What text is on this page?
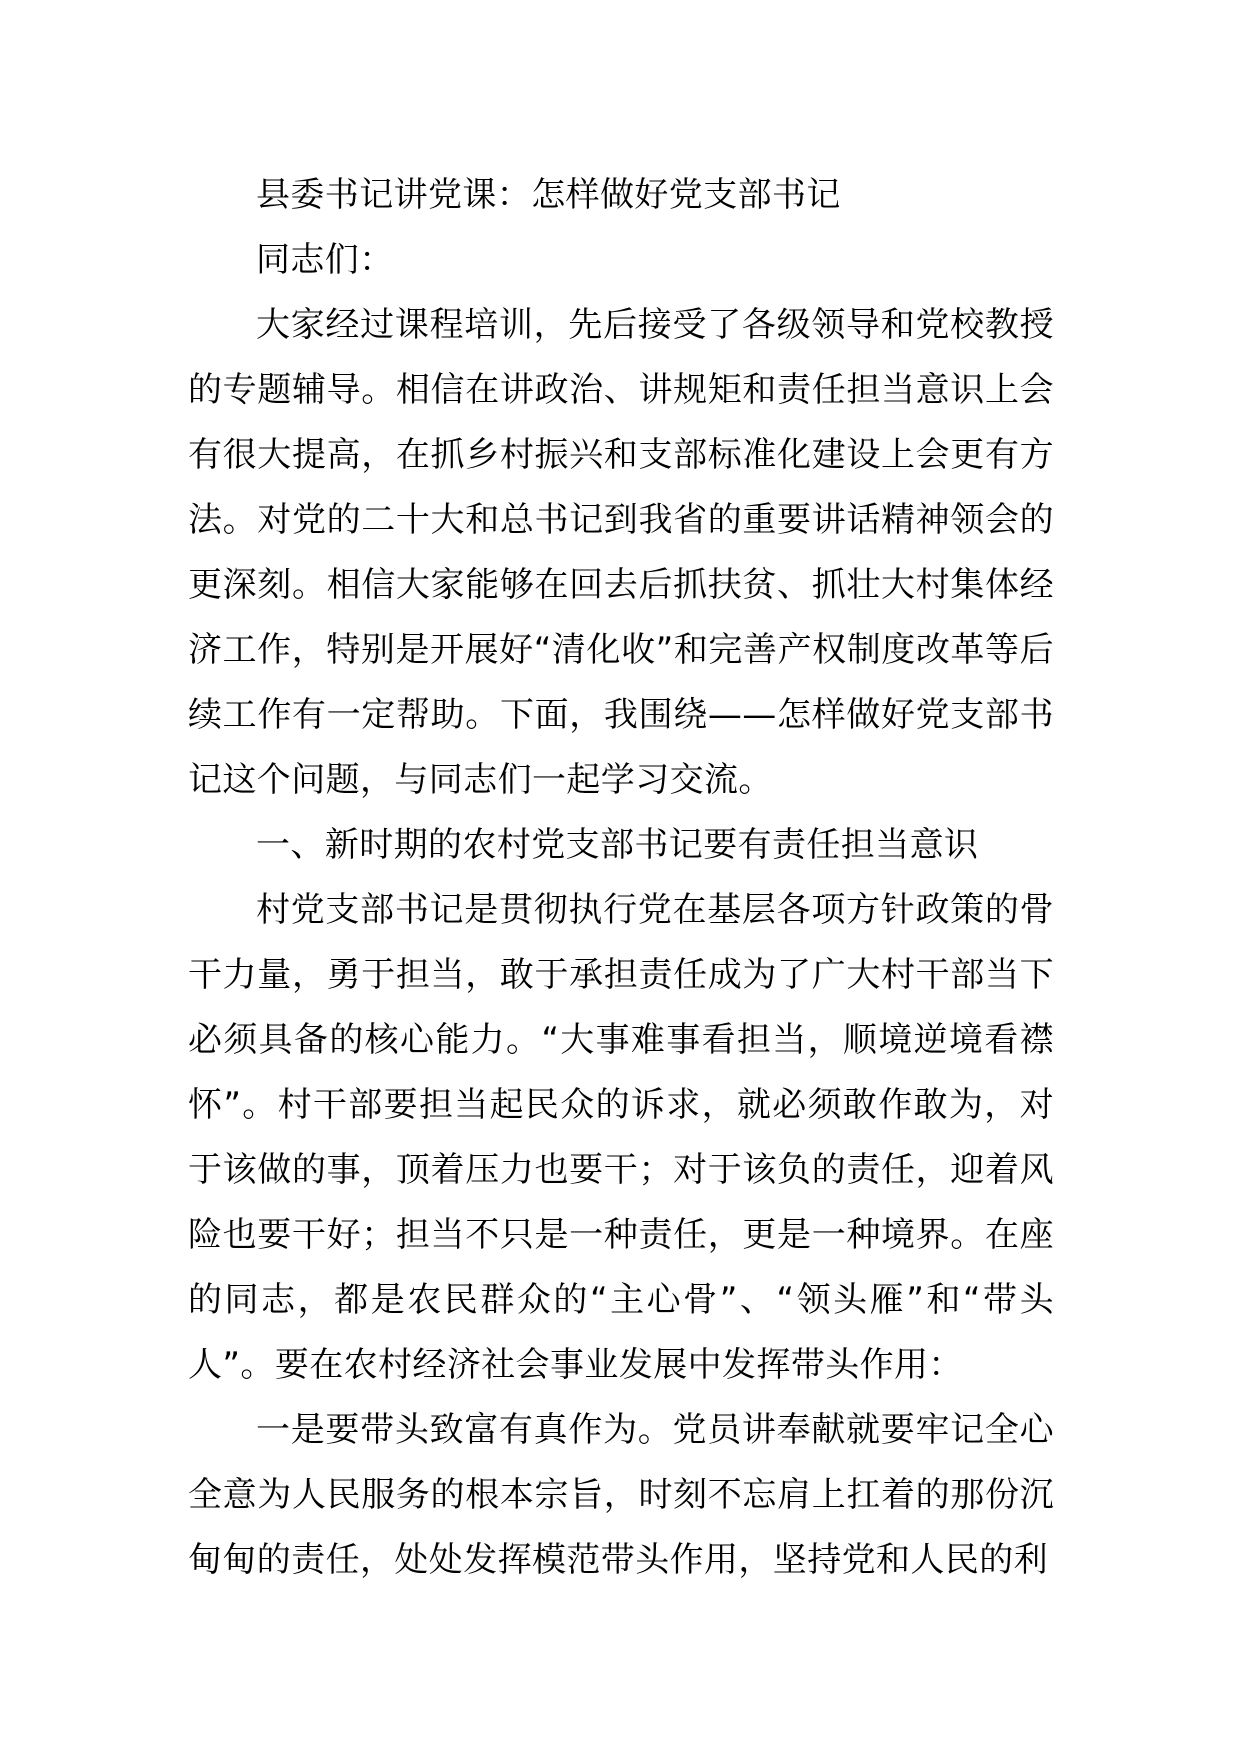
县委书记讲党课：怎样做好党支部书记

同志们：

大家经过课程培训，先后接受了各级领导和党校教授的专题辅导。相信在讲政治、讲规矩和责任担当意识上会有很大提高，在抓乡村振兴和支部标准化建设上会更有方法。对党的二十大和总书记到我省的重要讲话精神领会的更深刻。相信大家能够在回去后抓扶贫、抓壮大村集体经济工作，特别是开展好“清化收”和完善产权制度改革等后续工作有一定帮助。下面，我围绕——怎样做好党支部书记这个问题，与同志们一起学习交流。

一、新时期的农村党支部书记要有责任担当意识

村党支部书记是贯彻执行党在基层各项方针政策的骨干力量，勇于担当，敢于承担责任成为了广大村干部当下必须具备的核心能力。“大事难事看担当，顺境逆境看襟怀”。村干部要担当起民众的诉求，就必须敢作敢为，对于该做的事，顶着压力也要干；对于该负的责任，迎着风险也要干好；担当不只是一种责任，更是一种境界。在座的同志，都是农民群众的“主心骨”、“领头雁”和“带头人”。要在农村经济社会事业发展中发挥带头作用：

一是要带头致富有真作为。党员讲奉献就要牢记全心全意为人民服务的根本宗旨，时刻不忘肩上扛着的那份沉甸甸的责任，处处发挥模范带头作用，坚持党和人民的利
